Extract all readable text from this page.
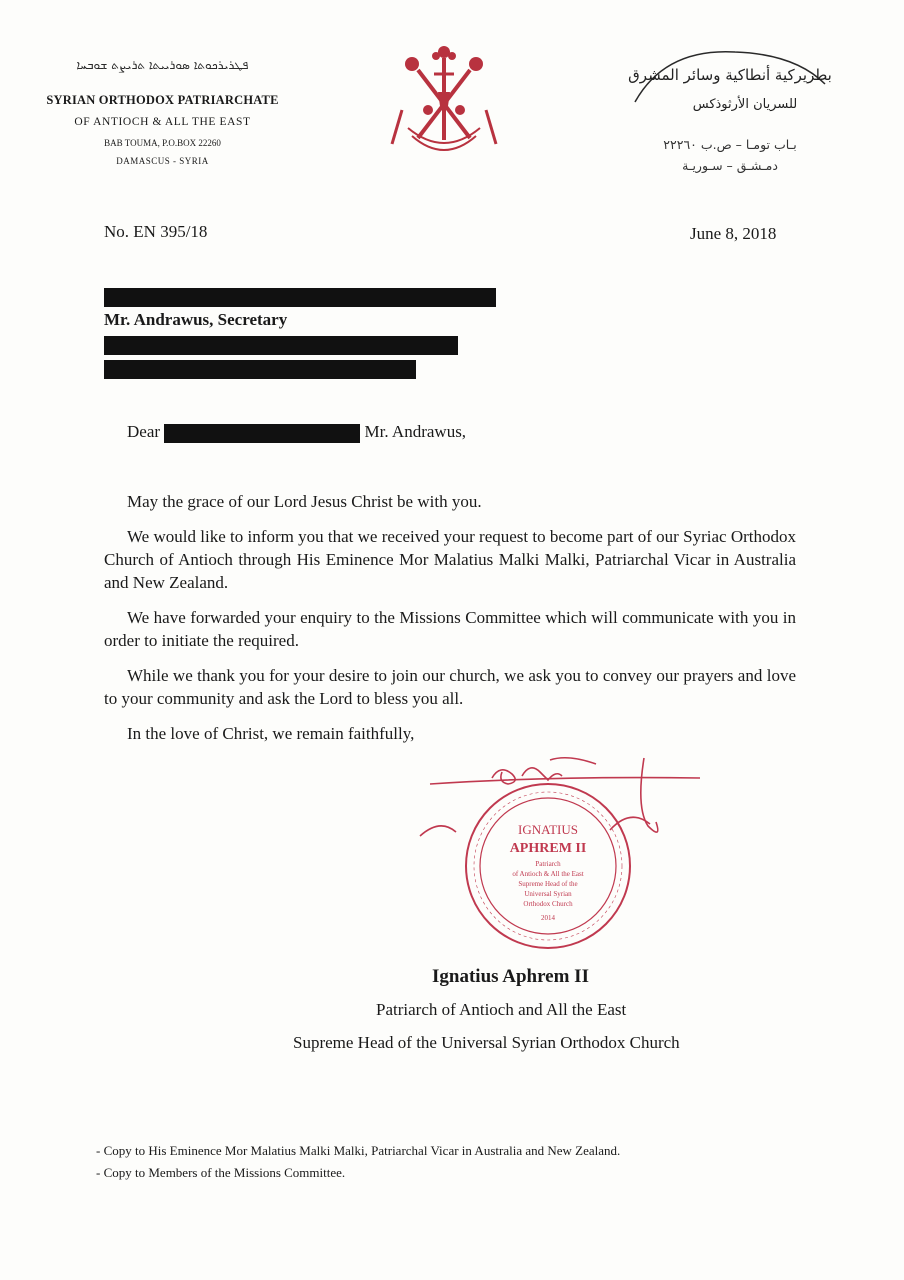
ܦܛܪܝܪܟܘܬܐ ܣܘܪܝܝܬܐ ܬܪܝܨܬ ܫܘܒܚܐ
SYRIAN ORTHODOX PATRIARCHATE
OF ANTIOCH & ALL THE EAST
BAB TOUMA, P.O.BOX 22260
DAMASCUS - SYRIA
بطريركية أنطاكية وسائر المشرق
للسريان الأرثوذكس
بـاب تومـا – ص.ب ٢٢٢٦٠
دمـشـق – سـوريـة
No. EN 395/18	June 8, 2018
Mr. Andrawus, Secretary
Dear	Mr. Andrawus,

May the grace of our Lord Jesus Christ be with you.

We would like to inform you that we received your request to become part of our Syriac Orthodox Church of Antioch through His Eminence Mor Malatius Malki Malki, Patriarchal Vicar in Australia and New Zealand.

We have forwarded your enquiry to the Missions Committee which will communicate with you in order to initiate the required.

While we thank you for your desire to join our church, we ask you to convey our prayers and love to your community and ask the Lord to bless you all.

In the love of Christ, we remain faithfully,

IGNATIUS
APHREM II
Patriarch
of Antioch & All the East
Supreme Head of the
Universal Syrian
Orthodox Church
2014
Ignatius Aphrem II
Patriarch of Antioch and All the East
Supreme Head of the Universal Syrian Orthodox Church
- Copy to His Eminence Mor Malatius Malki Malki, Patriarchal Vicar in Australia and New Zealand.
- Copy to Members of the Missions Committee.
